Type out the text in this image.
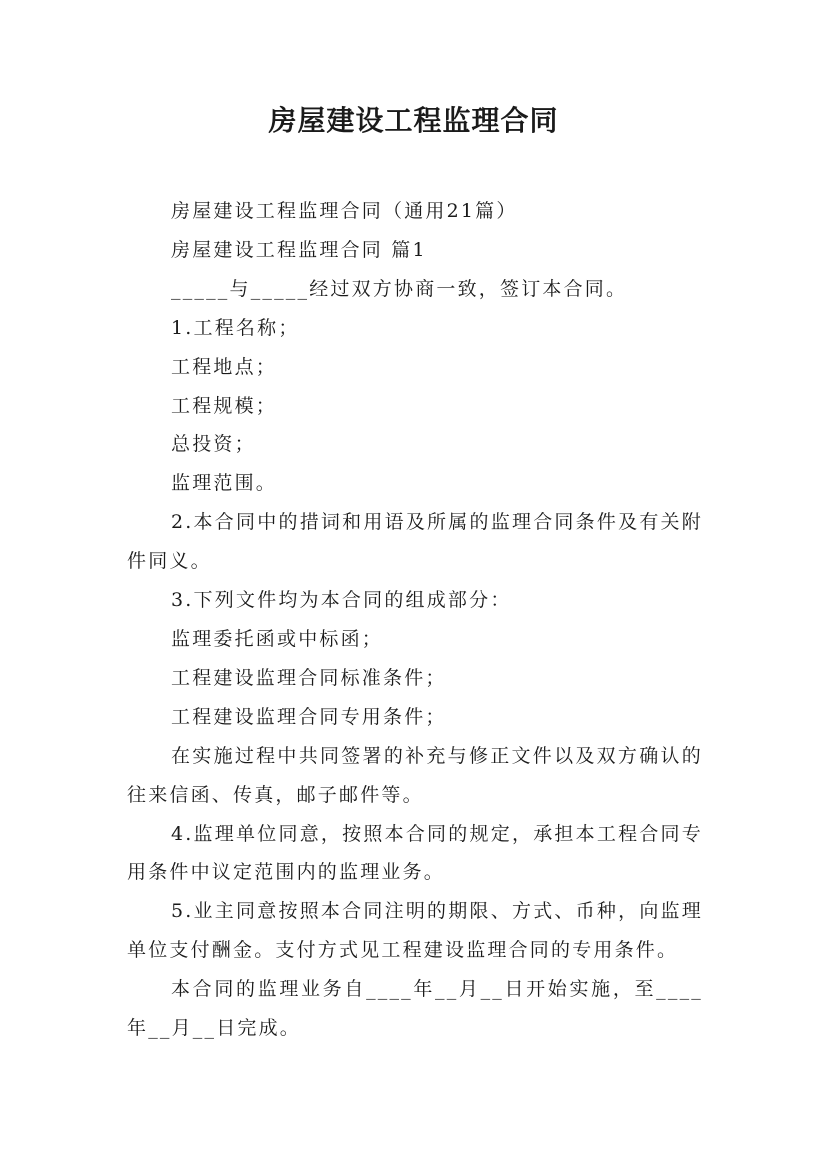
房屋建设工程监理合同

房屋建设工程监理合同（通用21篇）

房屋建设工程监理合同 篇1

_____与_____经过双方协商一致，签订本合同。

1.工程名称；

工程地点；

工程规模；

总投资；

监理范围。

2.本合同中的措词和用语及所属的监理合同条件及有关附件同义。

3.下列文件均为本合同的组成部分：

监理委托函或中标函；

工程建设监理合同标准条件；

工程建设监理合同专用条件；

在实施过程中共同签署的补充与修正文件以及双方确认的往来信函、传真，邮子邮件等。

4.监理单位同意，按照本合同的规定，承担本工程合同专用条件中议定范围内的监理业务。

5.业主同意按照本合同注明的期限、方式、币种，向监理单位支付酬金。支付方式见工程建设监理合同的专用条件。

本合同的监理业务自____年__月__日开始实施，至____年__月__日完成。
